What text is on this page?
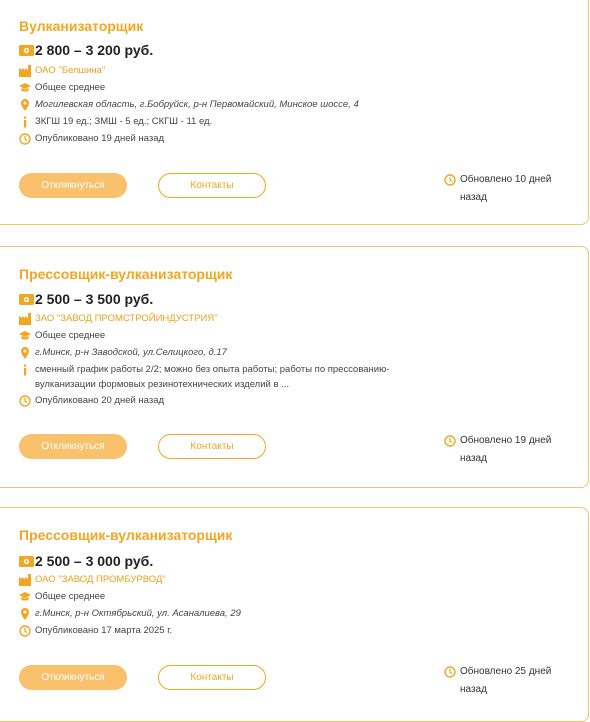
Вулканизаторщик
2 800 – 3 200 руб.
ОАО "Белшина"
Общее среднее
Могилевская область, г.Бобруйск, р-н Первомайский, Минское шоссе, 4
ЗКГШ 19 ед.; ЗМШ - 5 ед.; СКГШ - 11 ед.
Опубликовано 19 дней назад
Откликнуться	Контакты
Обновлено 10 дней назад
Прессовщик-вулканизаторщик
2 500 – 3 500 руб.
ЗАО "ЗАВОД ПРОМСТРОЙИНДУСТРИЯ"
Общее среднее
г.Минск, р-н Заводской, ул.Селицкого, д.17
сменный график работы 2/2; можно без опыта работы; работы по прессованию-вулканизации формовых резинотехнических изделий в ...
Опубликовано 20 дней назад
Откликнуться	Контакты
Обновлено 19 дней назад
Прессовщик-вулканизаторщик
2 500 – 3 000 руб.
ОАО "ЗАВОД ПРОМБУРВОД"
Общее среднее
г.Минск, р-н Октябрьский, ул. Асаналиева, 29
Опубликовано 17 марта 2025 г.
Откликнуться	Контакты
Обновлено 25 дней назад
